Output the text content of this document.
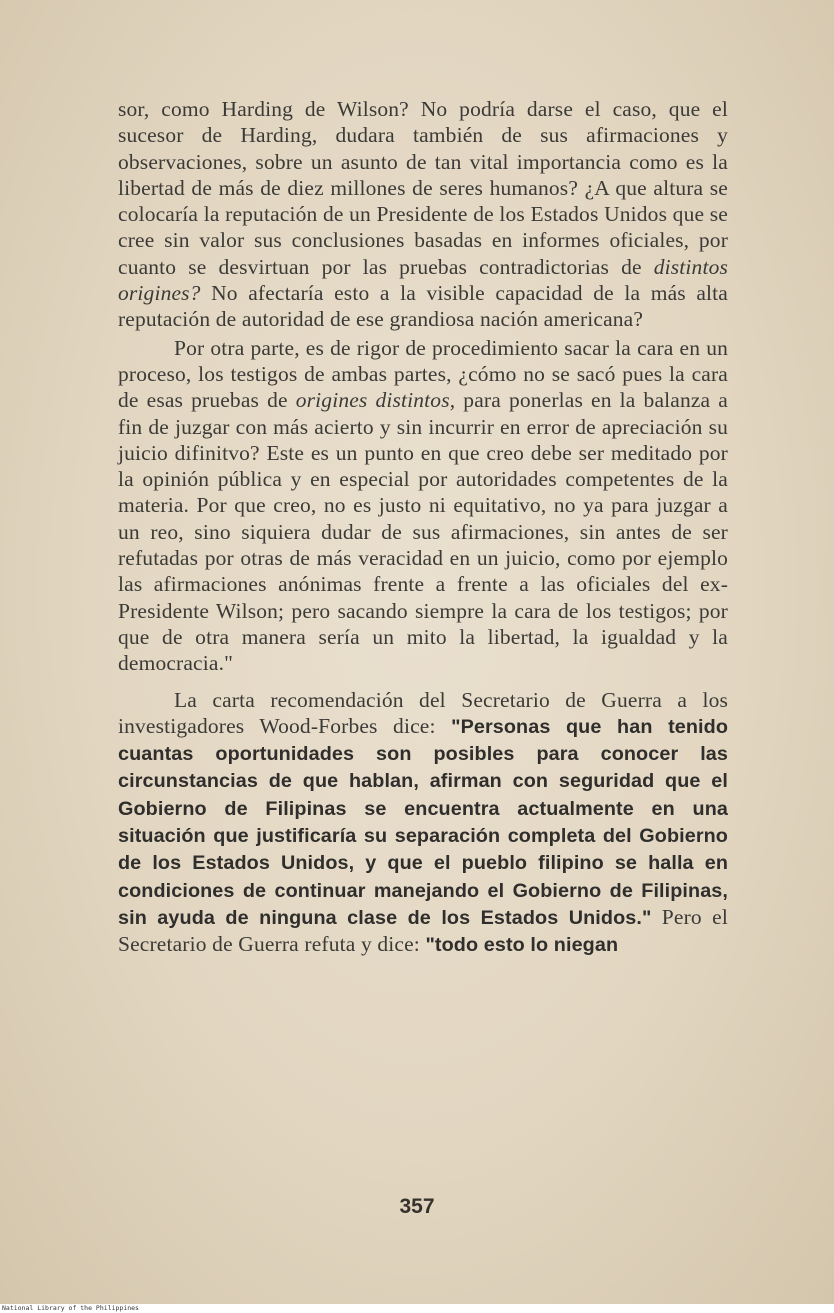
sor, como Harding de Wilson? No podría darse el caso, que el sucesor de Harding, dudara también de sus afirmaciones y observaciones, sobre un asunto de tan vital importancia como es la libertad de más de diez millones de seres humanos? ¿A que altura se colocaría la reputación de un Presidente de los Estados Unidos que se cree sin valor sus conclusiones basadas en informes oficiales, por cuanto se desvirtuan por las pruebas contradictorias de distintos origines? No afectaría esto a la visible capacidad de la más alta reputación de autoridad de ese grandiosa nación americana?

Por otra parte, es de rigor de procedimiento sacar la cara en un proceso, los testigos de ambas partes, ¿cómo no se sacó pues la cara de esas pruebas de origines distintos, para ponerlas en la balanza a fin de juzgar con más acierto y sin incurrir en error de apreciación su juicio difinitvo? Este es un punto en que creo debe ser meditado por la opinión pública y en especial por autoridades competentes de la materia. Por que creo, no es justo ni equitativo, no ya para juzgar a un reo, sino siquiera dudar de sus afirmaciones, sin antes de ser refutadas por otras de más veracidad en un juicio, como por ejemplo las afirmaciones anónimas frente a frente a las oficiales del ex-Presidente Wilson; pero sacando siempre la cara de los testigos; por que de otra manera sería un mito la libertad, la igualdad y la democracia."

La carta recomendación del Secretario de Guerra a los investigadores Wood-Forbes dice: "Personas que han tenido cuantas oportunidades son posibles para conocer las circunstancias de que hablan, afirman con seguridad que el Gobierno de Filipinas se encuentra actualmente en una situación que justificaría su separación completa del Gobierno de los Estados Unidos, y que el pueblo filipino se halla en condiciones de continuar manejando el Gobierno de Filipinas, sin ayuda de ninguna clase de los Estados Unidos." Pero el Secretario de Guerra refuta y dice: "todo esto lo niegan

357
National Library of the Philippines
